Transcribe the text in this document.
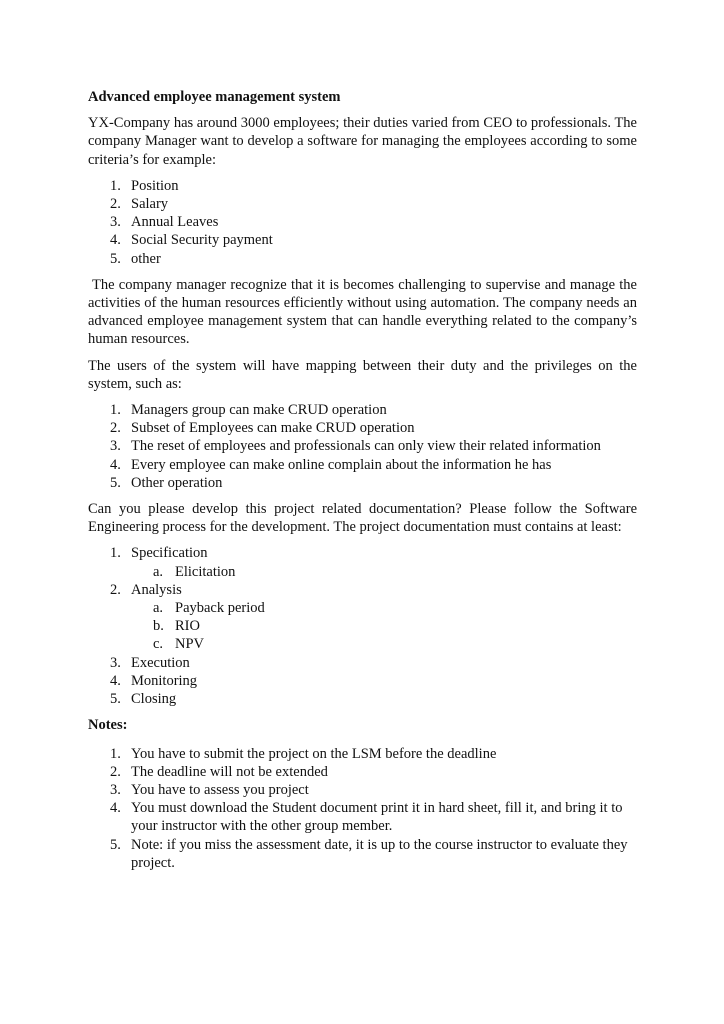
Advanced employee management system

YX-Company has around 3000 employees; their duties varied from CEO to professionals. The company Manager want to develop a software for managing the employees according to some criteria’s for example:

1. Position
2. Salary
3. Annual Leaves
4. Social Security payment
5. other

The company manager recognize that it is becomes challenging to supervise and manage the activities of the human resources efficiently without using automation. The company needs an advanced employee management system that can handle everything related to the company’s human resources.

The users of the system will have mapping between their duty and the privileges on the system, such as:

1. Managers group can make CRUD operation
2. Subset of Employees can make CRUD operation
3. The reset of employees and professionals can only view their related information
4. Every employee can make online complain about the information he has
5. Other operation

Can you please develop this project related documentation? Please follow the Software Engineering process for the development. The project documentation must contains at least:

1. Specification
a. Elicitation
2. Analysis
a. Payback period
b. RIO
c. NPV
3. Execution
4. Monitoring
5. Closing

Notes:

1. You have to submit the project on the LSM before the deadline
2. The deadline will not be extended
3. You have to assess you project
4. You must download the Student document print it in hard sheet, fill it, and bring it to your instructor with the other group member.
5. Note: if you miss the assessment date, it is up to the course instructor to evaluate they project.
